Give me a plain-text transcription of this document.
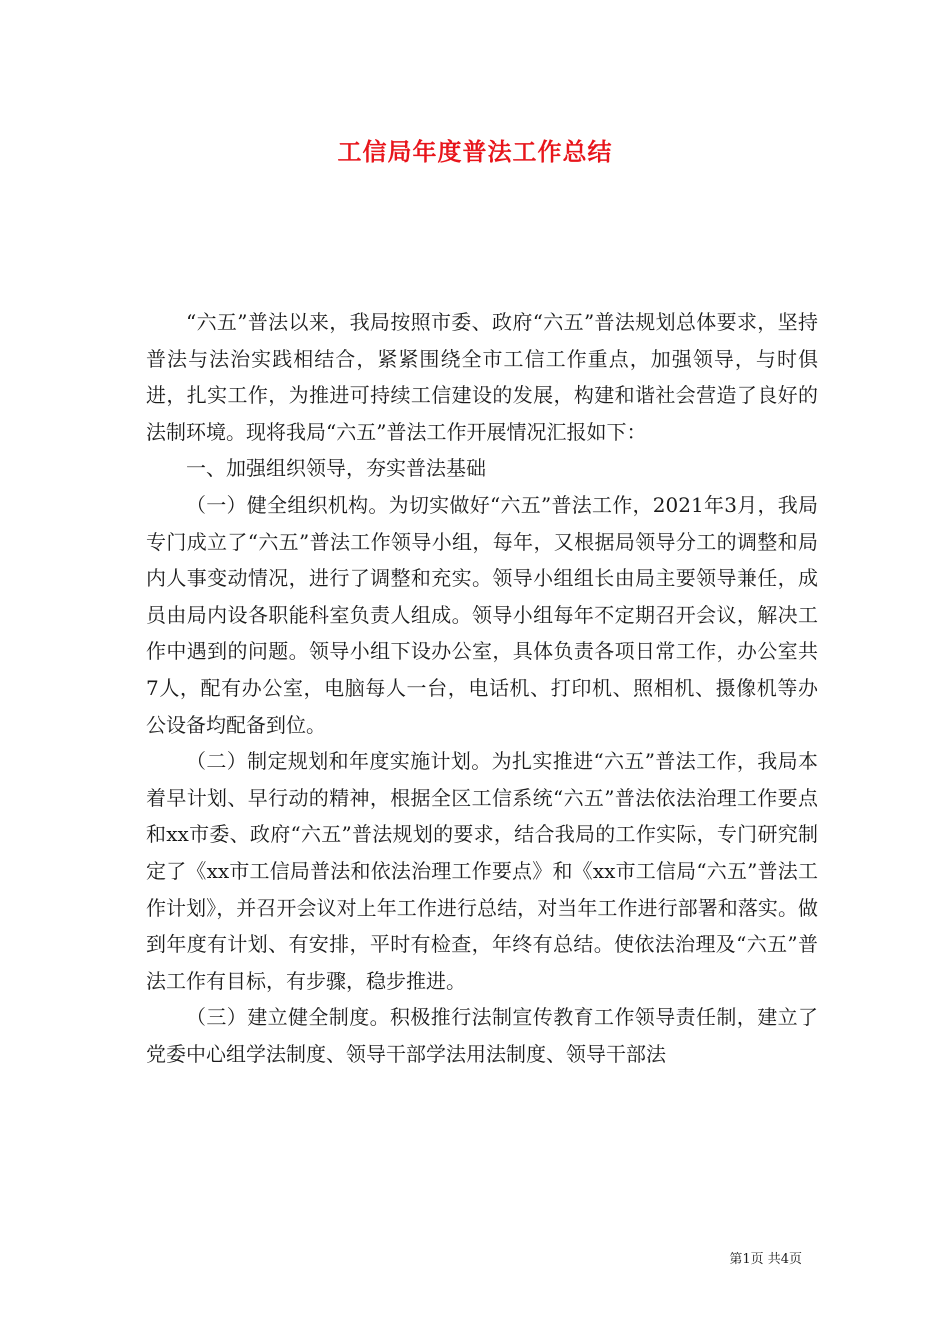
工信局年度普法工作总结

“六五”普法以来，我局按照市委、政府“六五”普法规划总体要求，坚持普法与法治实践相结合，紧紧围绕全市工信工作重点，加强领导，与时俱进，扎实工作，为推进可持续工信建设的发展，构建和谐社会营造了良好的法制环境。现将我局“六五”普法工作开展情况汇报如下：

一、加强组织领导，夯实普法基础

（一）健全组织机构。为切实做好“六五”普法工作，2021年3月，我局专门成立了“六五”普法工作领导小组，每年，又根据局领导分工的调整和局内人事变动情况，进行了调整和充实。领导小组组长由局主要领导兼任，成员由局内设各职能科室负责人组成。领导小组每年不定期召开会议，解决工作中遇到的问题。领导小组下设办公室，具体负责各项日常工作，办公室共7人，配有办公室，电脑每人一台，电话机、打印机、照相机、摄像机等办公设备均配备到位。

（二）制定规划和年度实施计划。为扎实推进“六五”普法工作，我局本着早计划、早行动的精神，根据全区工信系统“六五”普法依法治理工作要点和xx市委、政府“六五”普法规划的要求，结合我局的工作实际，专门研究制定了《xx市工信局普法和依法治理工作要点》和《xx市工信局“六五”普法工作计划》，并召开会议对上年工作进行总结，对当年工作进行部署和落实。做到年度有计划、有安排，平时有检查，年终有总结。使依法治理及“六五”普法工作有目标，有步骤，稳步推进。

（三）建立健全制度。积极推行法制宣传教育工作领导责任制，建立了党委中心组学法制度、领导干部学法用法制度、领导干部法

第1页 共4页
